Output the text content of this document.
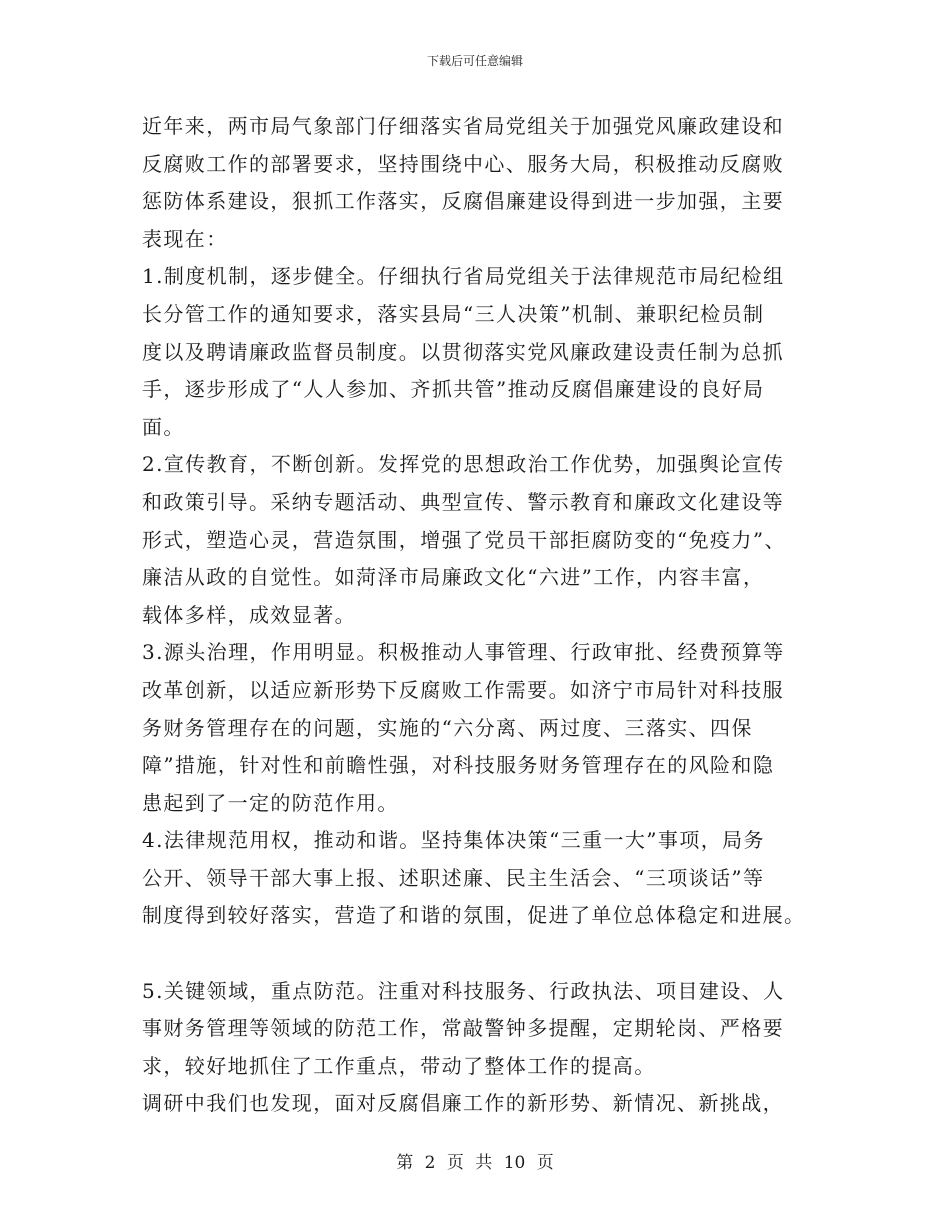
下载后可任意编辑

近年来，两市局气象部门仔细落实省局党组关于加强党风廉政建设和

反腐败工作的部署要求，坚持围绕中心、服务大局，积极推动反腐败

惩防体系建设，狠抓工作落实，反腐倡廉建设得到进一步加强，主要

表现在：

1.制度机制，逐步健全。仔细执行省局党组关于法律规范市局纪检组

长分管工作的通知要求，落实县局“三人决策”机制、兼职纪检员制

度以及聘请廉政监督员制度。以贯彻落实党风廉政建设责任制为总抓

手，逐步形成了“人人参加、齐抓共管”推动反腐倡廉建设的良好局

面。

2.宣传教育，不断创新。发挥党的思想政治工作优势，加强舆论宣传

和政策引导。采纳专题活动、典型宣传、警示教育和廉政文化建设等

形式，塑造心灵，营造氛围，增强了党员干部拒腐防变的“免疫力”、

廉洁从政的自觉性。如菏泽市局廉政文化“六进”工作，内容丰富，

载体多样，成效显著。

3.源头治理，作用明显。积极推动人事管理、行政审批、经费预算等

改革创新，以适应新形势下反腐败工作需要。如济宁市局针对科技服

务财务管理存在的问题，实施的“六分离、两过度、三落实、四保

障”措施，针对性和前瞻性强，对科技服务财务管理存在的风险和隐

患起到了一定的防范作用。

4.法律规范用权，推动和谐。坚持集体决策“三重一大”事项，局务

公开、领导干部大事上报、述职述廉、民主生活会、“三项谈话”等

制度得到较好落实，营造了和谐的氛围，促进了单位总体稳定和进展。

5.关键领域，重点防范。注重对科技服务、行政执法、项目建设、人

事财务管理等领域的防范工作，常敲警钟多提醒，定期轮岗、严格要

求，较好地抓住了工作重点，带动了整体工作的提高。

调研中我们也发现，面对反腐倡廉工作的新形势、新情况、新挑战，

第 2 页 共 10 页
